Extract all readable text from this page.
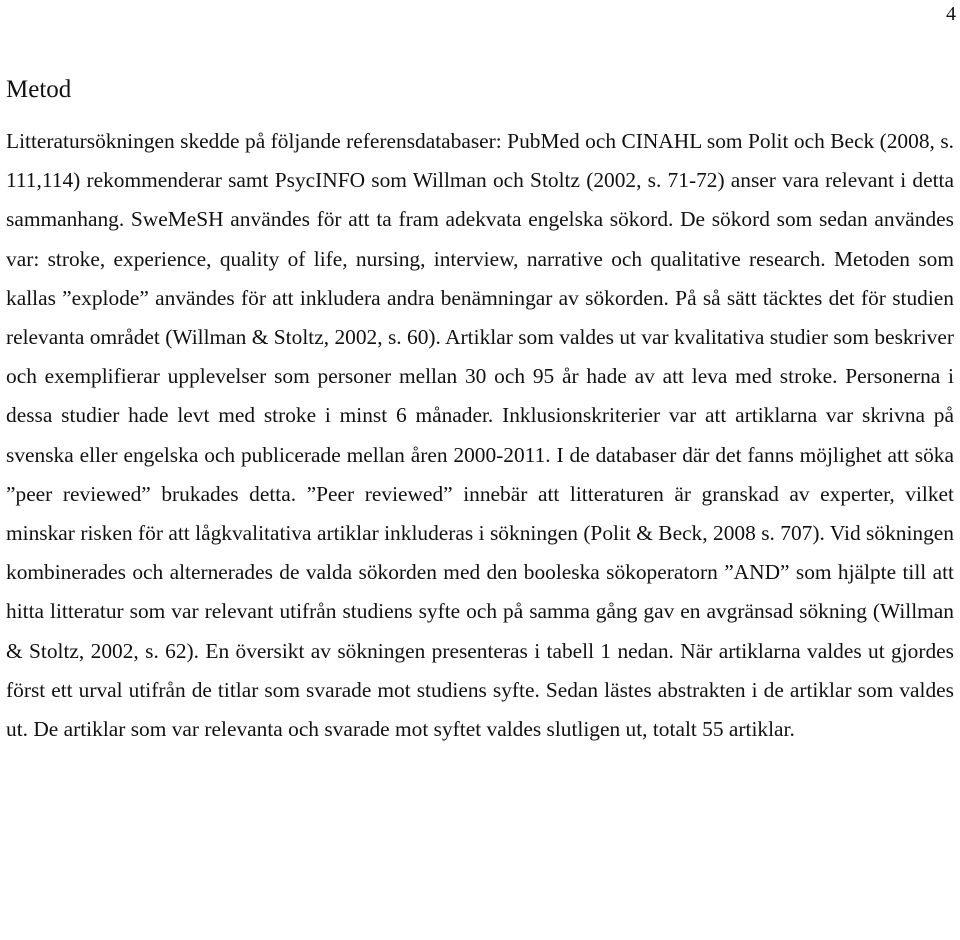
4
Metod

Litteratursökningen skedde på följande referensdatabaser: PubMed och CINAHL som Polit och Beck (2008, s. 111,114) rekommenderar samt PsycINFO som Willman och Stoltz (2002, s. 71-72) anser vara relevant i detta sammanhang. SweMeSH användes för att ta fram adekvata engelska sökord. De sökord som sedan användes var: stroke, experience, quality of life, nursing, interview, narrative och qualitative research. Metoden som kallas ”explode” användes för att inkludera andra benämningar av sökorden. På så sätt täcktes det för studien relevanta området (Willman & Stoltz, 2002, s. 60). Artiklar som valdes ut var kvalitativa studier som beskriver och exemplifierar upplevelser som personer mellan 30 och 95 år hade av att leva med stroke. Personerna i dessa studier hade levt med stroke i minst 6 månader. Inklusionskriterier var att artiklarna var skrivna på svenska eller engelska och publicerade mellan åren 2000-2011. I de databaser där det fanns möjlighet att söka ”peer reviewed” brukades detta. ”Peer reviewed” innebär att litteraturen är granskad av experter, vilket minskar risken för att lågkvalitativa artiklar inkluderas i sökningen (Polit & Beck, 2008 s. 707). Vid sökningen kombinerades och alternerades de valda sökorden med den booleska sökoperatorn ”AND” som hjälpte till att hitta litteratur som var relevant utifrån studiens syfte och på samma gång gav en avgränsad sökning (Willman & Stoltz, 2002, s. 62). En översikt av sökningen presenteras i tabell 1 nedan. När artiklarna valdes ut gjordes först ett urval utifrån de titlar som svarade mot studiens syfte. Sedan lästes abstrakten i de artiklar som valdes ut. De artiklar som var relevanta och svarade mot syftet valdes slutligen ut, totalt 55 artiklar.
